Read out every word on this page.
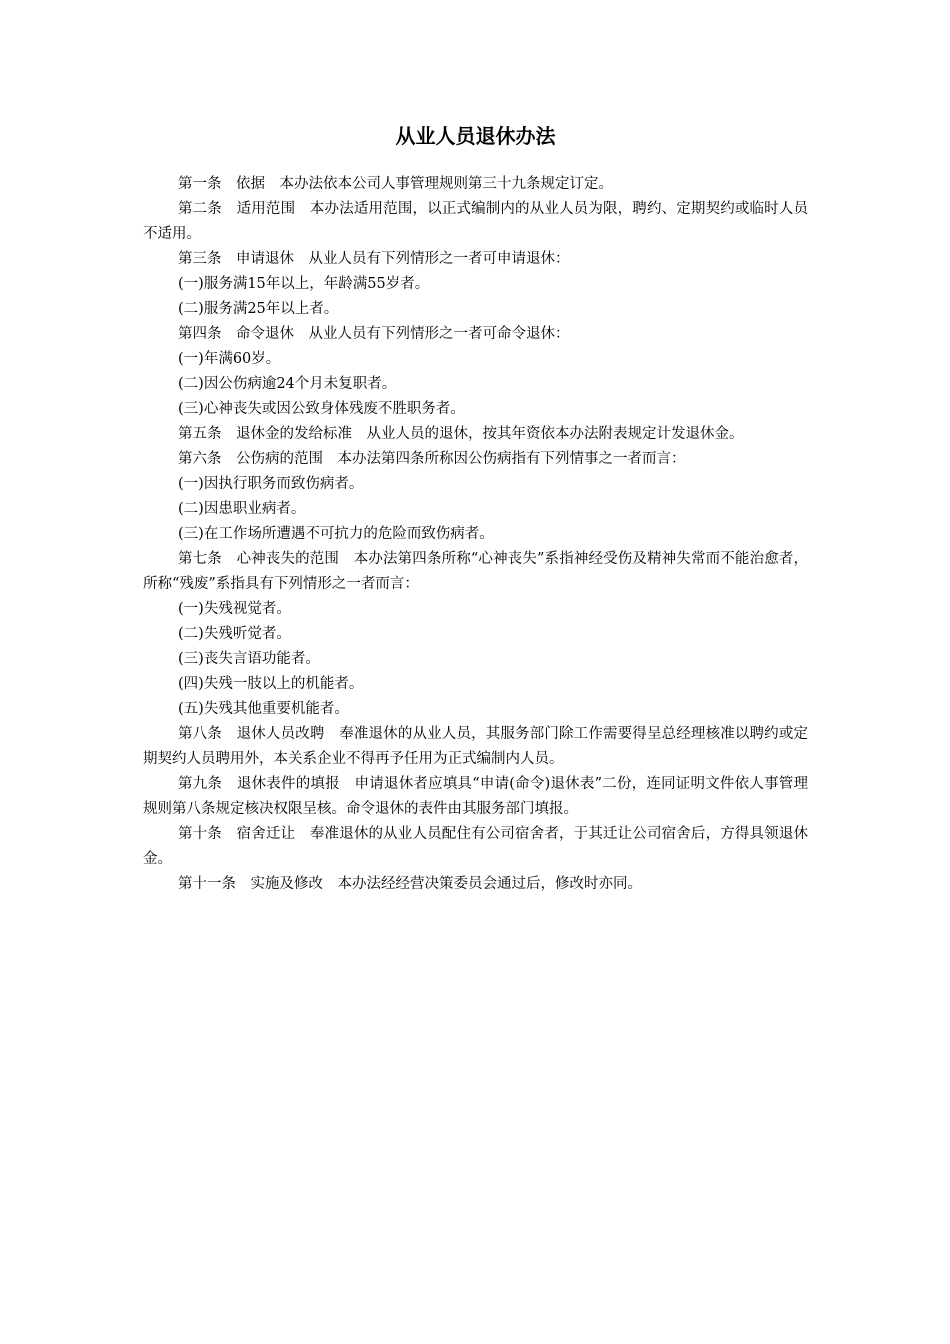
从业人员退休办法

第一条　依据　本办法依本公司人事管理规则第三十九条规定订定。

第二条　适用范围　本办法适用范围，以正式编制内的从业人员为限，聘约、定期契约或临时人员不适用。

第三条　申请退休　从业人员有下列情形之一者可申请退休：

(一)服务满15年以上，年龄满55岁者。

(二)服务满25年以上者。

第四条　命令退休　从业人员有下列情形之一者可命令退休：

(一)年满60岁。

(二)因公伤病逾24个月未复职者。

(三)心神丧失或因公致身体残废不胜职务者。

第五条　退休金的发给标准　从业人员的退休，按其年资依本办法附表规定计发退休金。

第六条　公伤病的范围　本办法第四条所称因公伤病指有下列情事之一者而言：

(一)因执行职务而致伤病者。

(二)因患职业病者。

(三)在工作场所遭遇不可抗力的危险而致伤病者。

第七条　心神丧失的范围　本办法第四条所称“心神丧失”系指神经受伤及精神失常而不能治愈者，所称“残废”系指具有下列情形之一者而言：

(一)失残视觉者。

(二)失残听觉者。

(三)丧失言语功能者。

(四)失残一肢以上的机能者。

(五)失残其他重要机能者。

第八条　退休人员改聘　奉准退休的从业人员，其服务部门除工作需要得呈总经理核准以聘约或定期契约人员聘用外，本关系企业不得再予任用为正式编制内人员。

第九条　退休表件的填报　申请退休者应填具“申请(命令)退休表”二份，连同证明文件依人事管理规则第八条规定核决权限呈核。命令退休的表件由其服务部门填报。

第十条　宿舍迁让　奉准退休的从业人员配住有公司宿舍者，于其迁让公司宿舍后，方得具领退休金。

第十一条　实施及修改　本办法经经营决策委员会通过后，修改时亦同。
